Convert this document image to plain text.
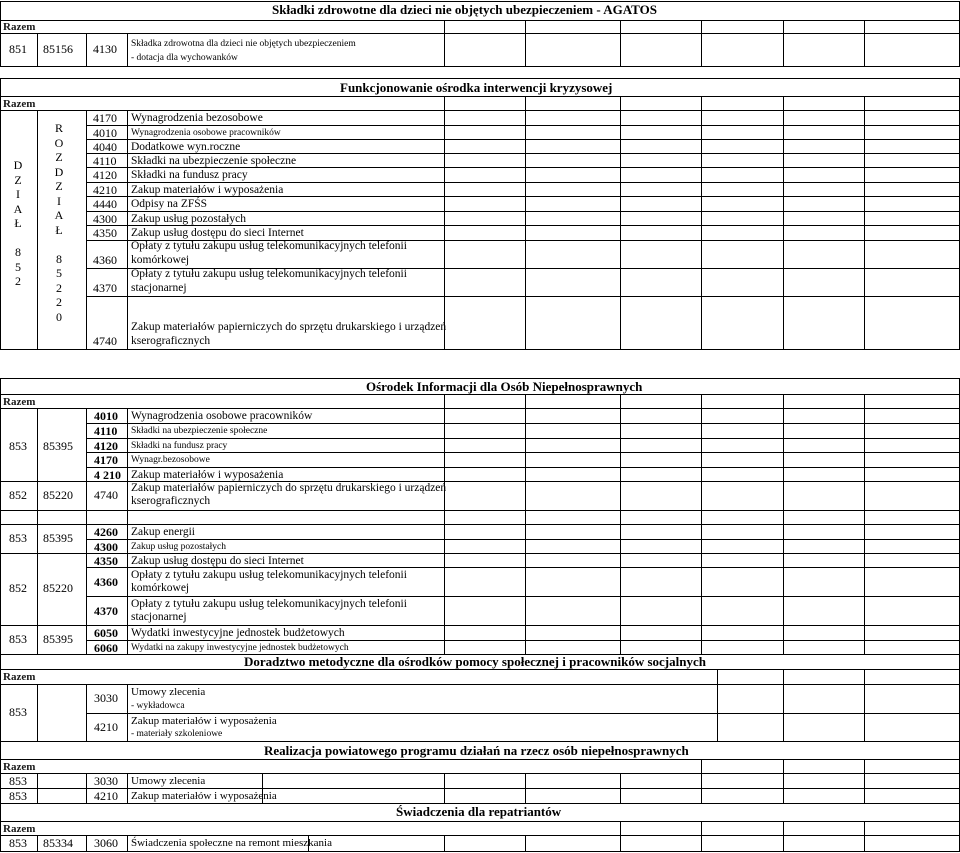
Składki zdrowotne dla dzieci nie objętych ubezpieczeniem - AGATOS
Razem
851 85156 4130 Składka zdrowotna dla dzieci nie objętych ubezpieczeniem
- dotacja dla wychowanków
Funkcjonowanie ośrodka interwencji kryzysowej
Razem
D
Z
I
A
Ł

8
5
2
R
O
Z
D
Z
I
A
Ł

8
5
2
2
0
4170 Wynagrodzenia bezosobowe
4010 Wynagrodzenia osobowe pracowników
4040 Dodatkowe wyn.roczne
4110 Składki na ubezpieczenie społeczne
4120 Składki na fundusz pracy
4210 Zakup materiałów i wyposażenia
4440 Odpisy na ZFŚS
4300 Zakup usług pozostałych
4350 Zakup usług dostępu do sieci Internet
4360
Opłaty z tytułu zakupu usług telekomunikacyjnych telefonii
komórkowej
4370
Opłaty z tytułu zakupu usług telekomunikacyjnych telefonii
stacjonarnej
4740
Zakup materiałów papierniczych do sprzętu drukarskiego i urządzeń
kserograficznych
Ośrodek Informacji dla Osób Niepełnosprawnych
Razem
4010 Wynagrodzenia osobowe pracowników
4110 Składki na ubezpieczenie społeczne
4120 Składki na fundusz pracy
4170 Wynagr.bezosobowe
4 210 Zakup materiałów i wyposażenia
853 85395
852 85220 4740 Zakup materiałów papierniczych do sprzętu drukarskiego i urządzeń
kserograficznych
4260 Zakup energii
4300 Zakup usług pozostałych
853 85395
4350 Zakup usług dostępu do sieci Internet
4360 Opłaty z tytułu zakupu usług telekomunikacyjnych telefonii
komórkowej
4370 Opłaty z tytułu zakupu usług telekomunikacyjnych telefonii
stacjonarnej
852 85220
6050 Wydatki inwestycyjne jednostek budżetowych
6060 Wydatki na zakupy inwestycyjne jednostek budżetowych
853 85395
Doradztwo metodyczne dla ośrodków pomocy społecznej i pracowników socjalnych
Razem
853
3030 Umowy zlecenia
- wykładowca
4210 Zakup materiałów i wyposażenia
- materiały szkoleniowe
Realizacja powiatowego programu działań na rzecz osób niepełnosprawnych
Razem
853	3030 Umowy zlecenia
853	4210 Zakup materiałów i wyposażenia
Świadczenia dla repatriantów
Razem
853 85334 3060 Świadczenia społeczne na remont mieszkania
